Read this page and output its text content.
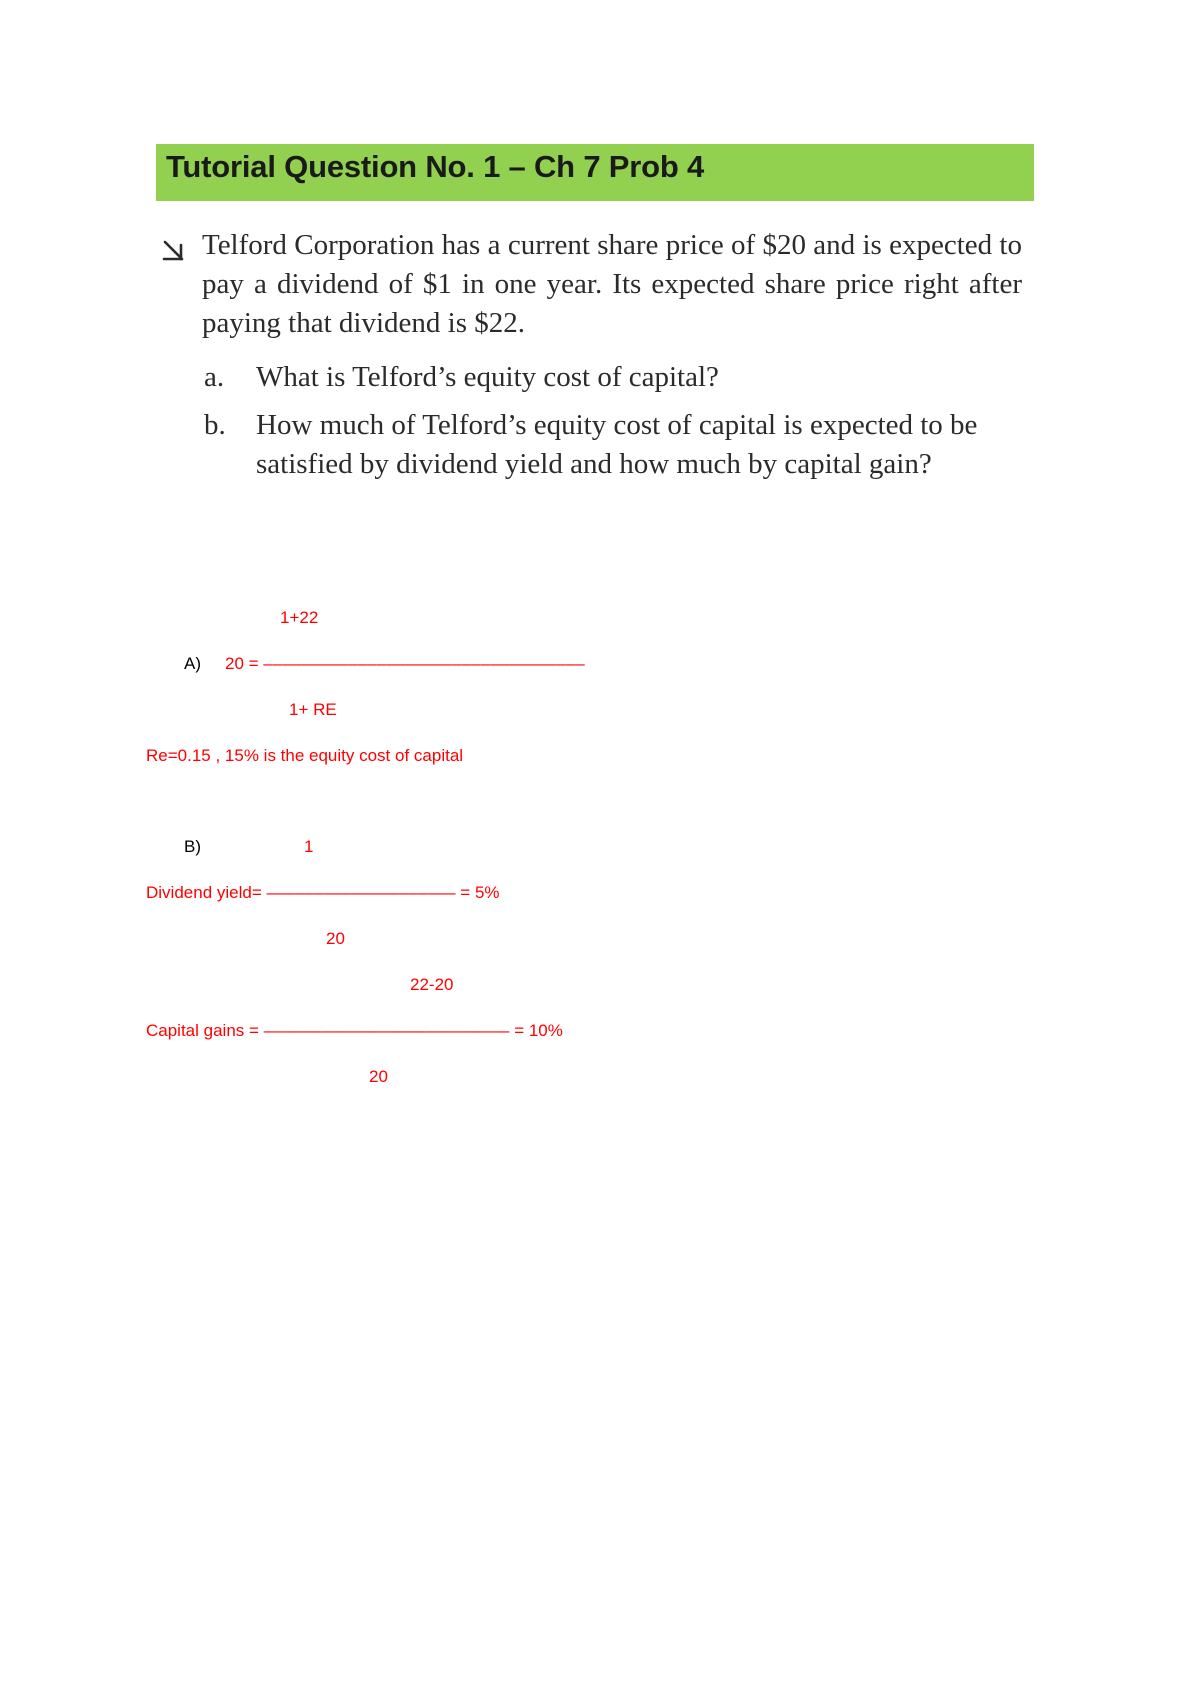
Tutorial Question No. 1 – Ch 7 Prob 4
Telford Corporation has a current share price of $20 and is expected to pay a dividend of $1 in one year. Its expected share price right after paying that dividend is $22.
a.	What is Telford’s equity cost of capital?
b.	How much of Telford’s equity cost of capital is expected to be satisfied by dividend yield and how much by capital gain?
1+22
A) 20 = ––––––––––––––––––––––––––––––––––
1+ RE
Re=0.15 , 15% is the equity cost of capital
B)	1
Dividend yield= –––––––––––––––––––– = 5%
20
22-20
Capital gains = –––––––––––––––––––––––––– = 10%
20
